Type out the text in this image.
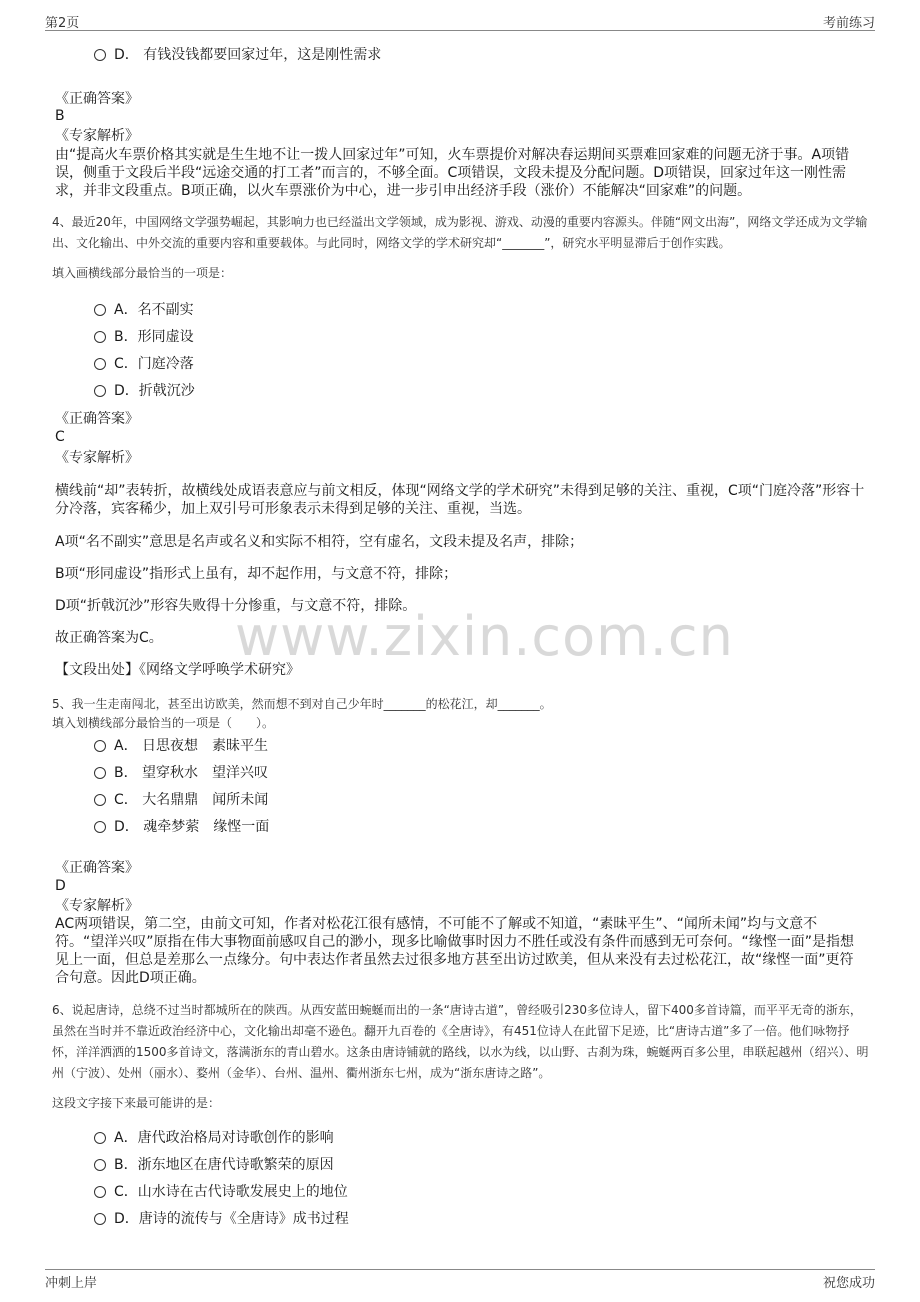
第2页	考前练习
www.zixin.com.cn
D． 有钱没钱都要回家过年，这是刚性需求
《正确答案》
B
《专家解析》
由“提高火车票价格其实就是生生地不让一拨人回家过年”可知，火车票提价对解决春运期间买票难回家难的问题无济于事。A项错误，侧重于文段后半段“远途交通的打工者”而言的，不够全面。C项错误，文段未提及分配问题。D项错误，回家过年这一刚性需求，并非文段重点。B项正确，以火车票涨价为中心，进一步引申出经济手段（涨价）不能解决“回家难”的问题。
4、最近20年，中国网络文学强势崛起，其影响力也已经溢出文学领域，成为影视、游戏、动漫的重要内容源头。伴随“网文出海”，网络文学还成为文学输出、文化输出、中外交流的重要内容和重要载体。与此同时，网络文学的学术研究却“_______”，研究水平明显滞后于创作实践。
填入画横线部分最恰当的一项是：
A．名不副实
B．形同虚设
C．门庭冷落
D．折戟沉沙
《正确答案》
C
《专家解析》
横线前“却”表转折，故横线处成语表意应与前文相反，体现“网络文学的学术研究”未得到足够的关注、重视，C项“门庭冷落”形容十分冷落，宾客稀少，加上双引号可形象表示未得到足够的关注、重视，当选。
A项“名不副实”意思是名声或名义和实际不相符，空有虚名，文段未提及名声，排除；
B项“形同虚设”指形式上虽有，却不起作用，与文意不符，排除；
D项“折戟沉沙”形容失败得十分惨重，与文意不符，排除。
故正确答案为C。
【文段出处】《网络文学呼唤学术研究》
5、我一生走南闯北，甚至出访欧美，然而想不到对自己少年时_______的松花江，却_______。
填入划横线部分最恰当的一项是（　　）。
A． 日思夜想　素昧平生
B． 望穿秋水　望洋兴叹
C． 大名鼎鼎　闻所未闻
D． 魂牵梦萦　缘悭一面
《正确答案》
D
《专家解析》
AC两项错误，第二空，由前文可知，作者对松花江很有感情，不可能不了解或不知道，“素昧平生”、“闻所未闻”均与文意不符。“望洋兴叹”原指在伟大事物面前感叹自己的渺小，现多比喻做事时因力不胜任或没有条件而感到无可奈何。“缘悭一面”是指想见上一面，但总是差那么一点缘分。句中表达作者虽然去过很多地方甚至出访过欧美，但从来没有去过松花江，故“缘悭一面”更符合句意。因此D项正确。
6、说起唐诗，总绕不过当时都城所在的陕西。从西安蓝田蜿蜒而出的一条“唐诗古道”，曾经吸引230多位诗人，留下400多首诗篇，而平平无奇的浙东，虽然在当时并不靠近政治经济中心，文化输出却毫不逊色。翻开九百卷的《全唐诗》，有451位诗人在此留下足迹，比“唐诗古道”多了一倍。他们咏物抒怀，洋洋洒洒的1500多首诗文，落满浙东的青山碧水。这条由唐诗铺就的路线，以水为线，以山野、古刹为珠，蜿蜒两百多公里，串联起越州（绍兴）、明州（宁波）、处州（丽水）、婺州（金华）、台州、温州、衢州浙东七州，成为“浙东唐诗之路”。
这段文字接下来最可能讲的是：
A．唐代政治格局对诗歌创作的影响
B．浙东地区在唐代诗歌繁荣的原因
C．山水诗在古代诗歌发展史上的地位
D．唐诗的流传与《全唐诗》成书过程
冲刺上岸	祝您成功
